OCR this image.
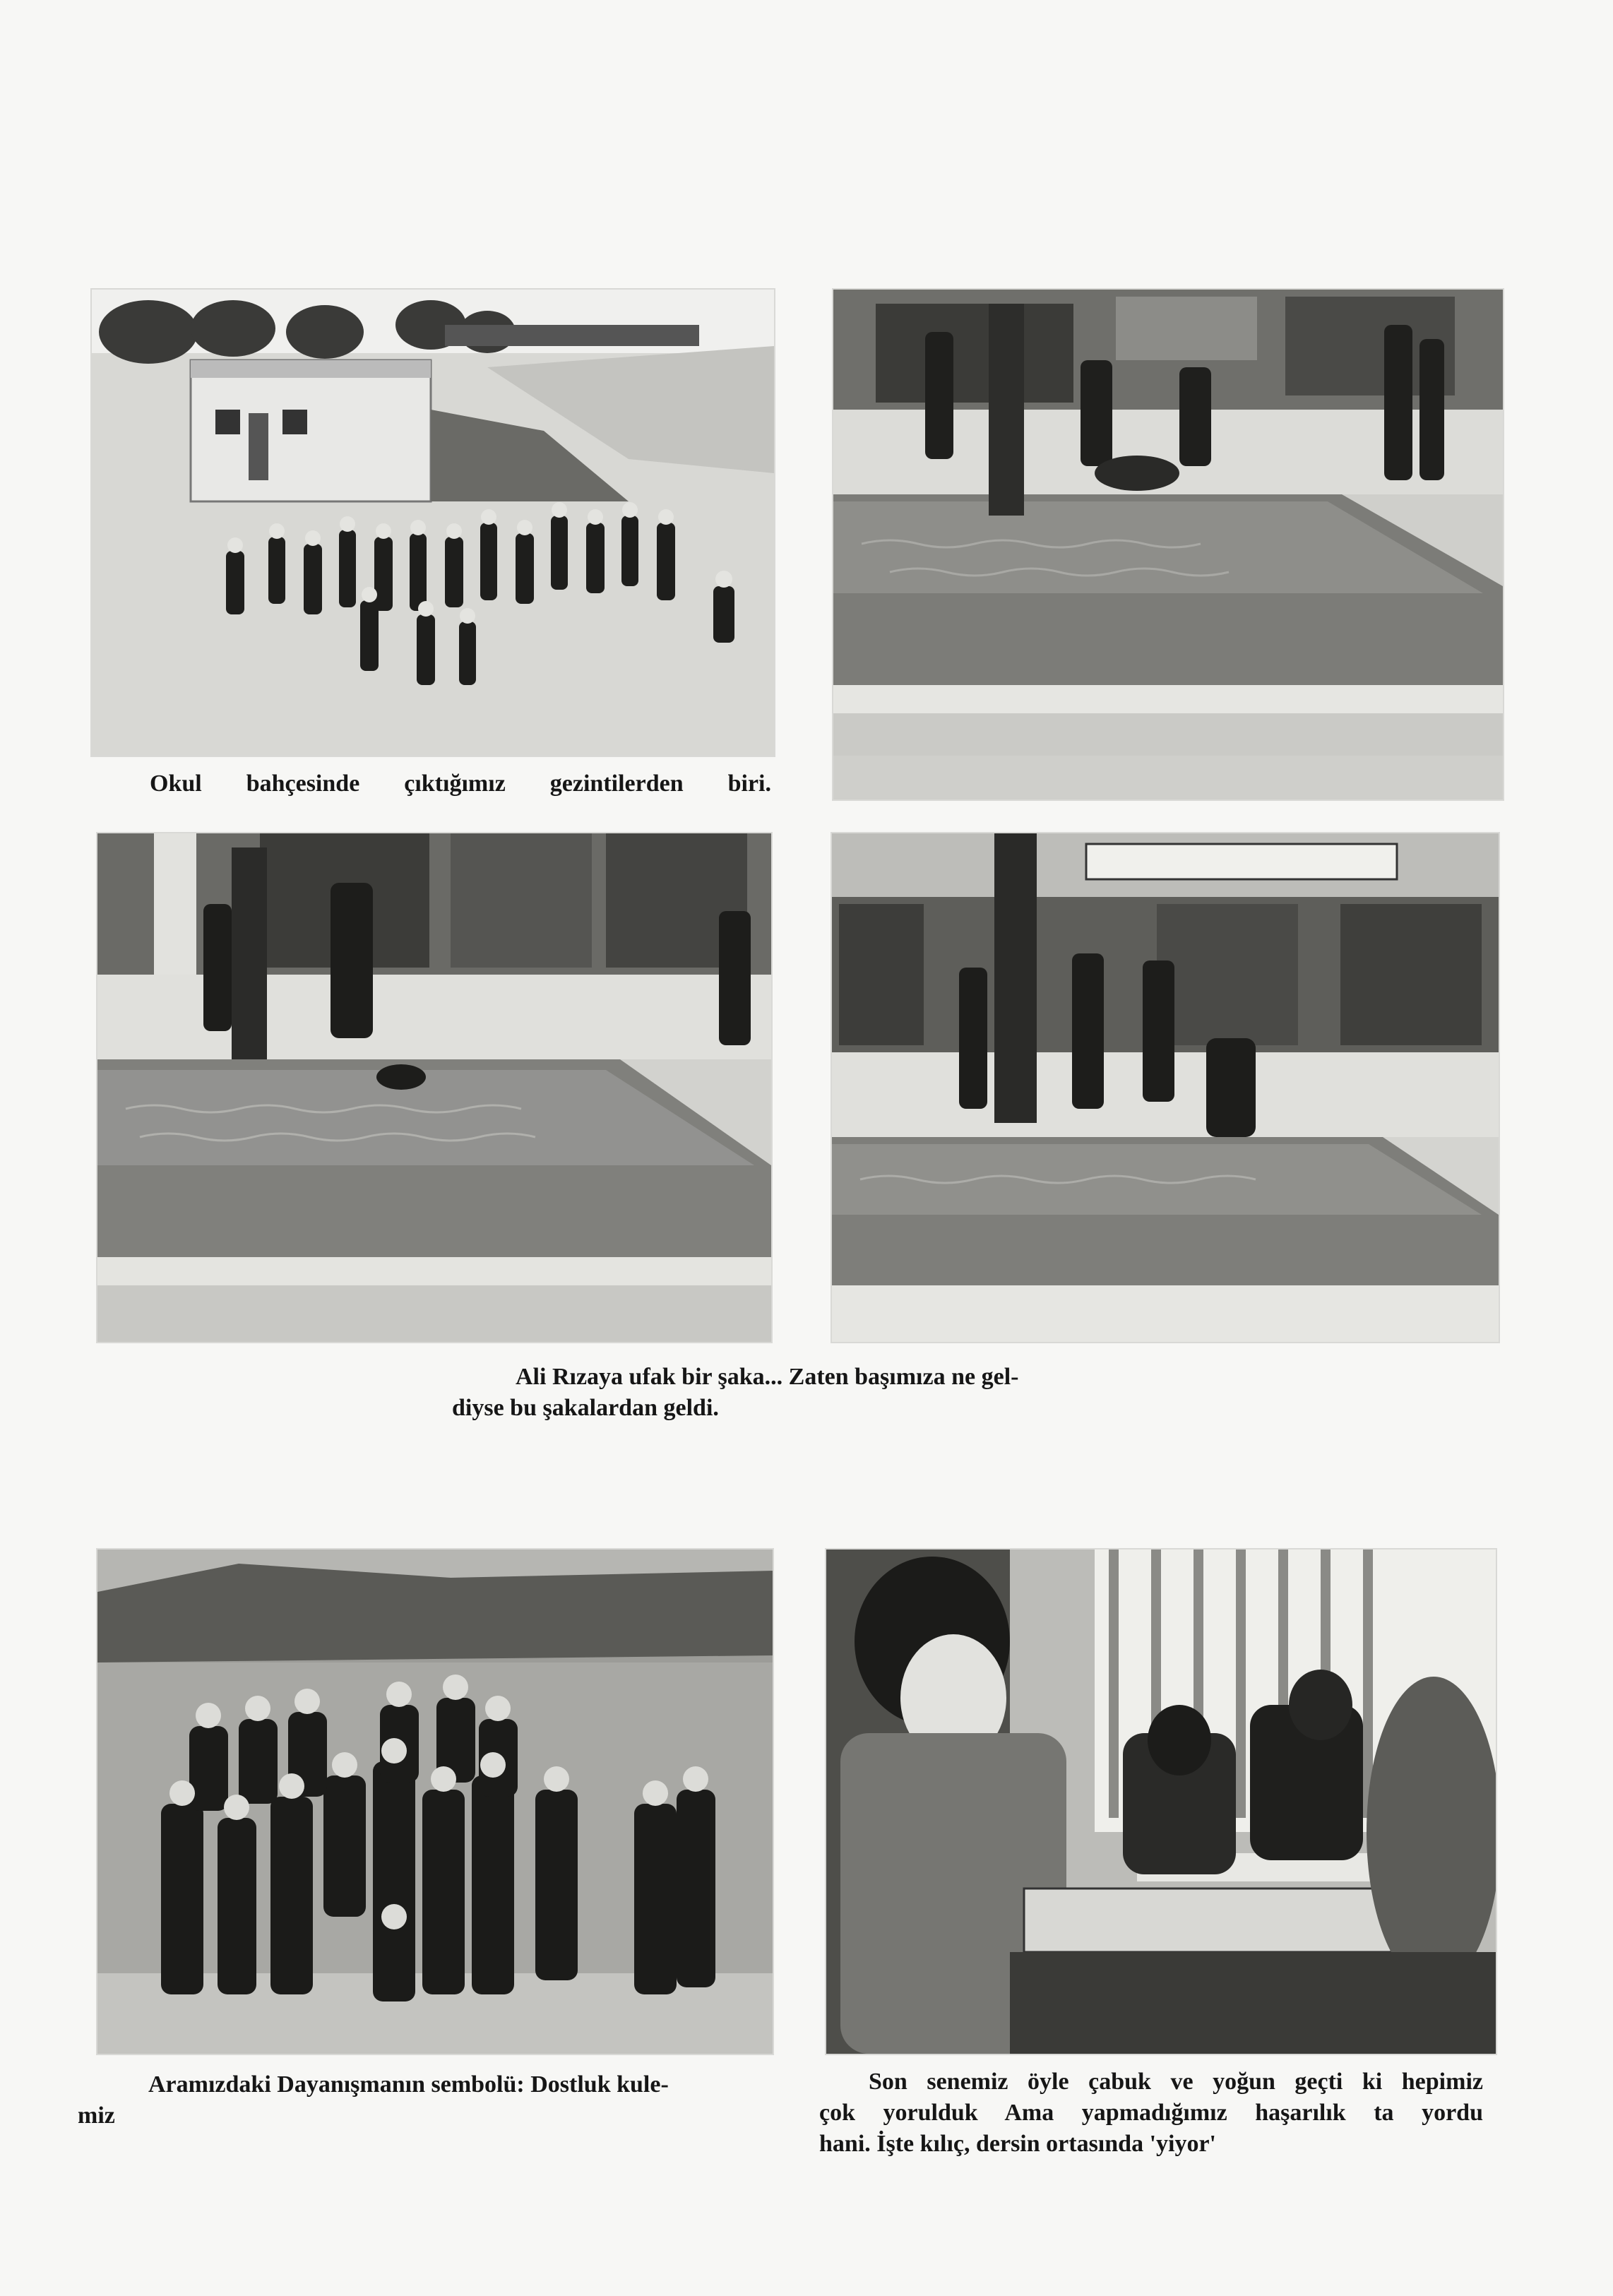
Okul bahçesinde çıktığımız gezintilerden biri.
Ali Rızaya ufak bir şaka... Zaten başımıza ne gel-
diyse bu şakalardan geldi.
Aramızdaki Dayanışmanın sembolü: Dostluk kule-
miz
Son senemiz öyle çabuk ve yoğun geçti ki hepimiz
çok yorulduk Ama yapmadığımız haşarılık ta yordu
hani. İşte kılıç, dersin ortasında 'yiyor'
